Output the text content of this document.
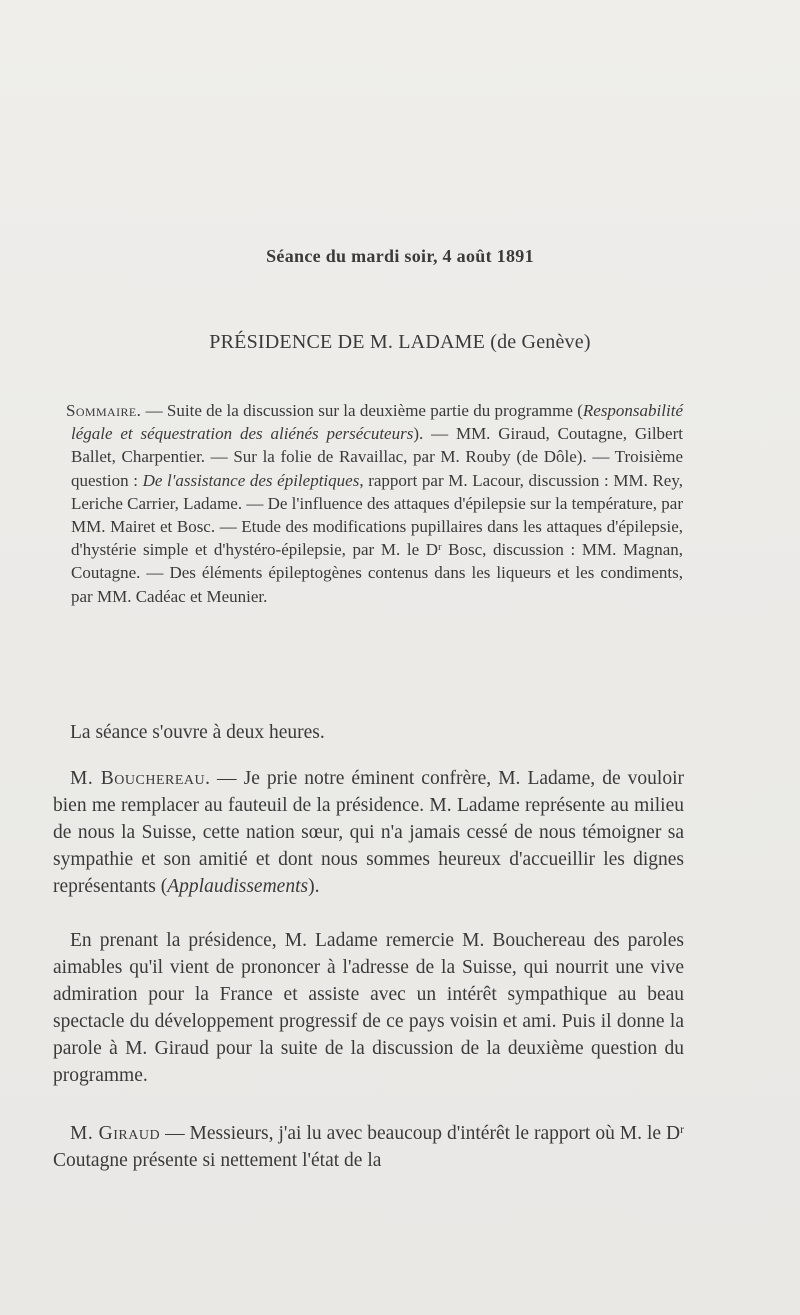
Séance du mardi soir, 4 août 1891
PRÉSIDENCE DE M. LADAME (de Genève)
Sommaire. — Suite de la discussion sur la deuxième partie du programme (Responsabilité légale et séquestration des aliénés persécuteurs). — MM. Giraud, Coutagne, Gilbert Ballet, Charpentier. — Sur la folie de Ravaillac, par M. Rouby (de Dôle). — Troisième question : De l'assistance des épileptiques, rapport par M. Lacour, discussion : MM. Rey, Leriche Carrier, Ladame. — De l'influence des attaques d'épilepsie sur la température, par MM. Mairet et Bosc. — Etude des modifications pupillaires dans les attaques d'épilepsie, d'hystérie simple et d'hystéro-épilepsie, par M. le $D^r$ Bosc, discussion : MM. Magnan, Coutagne. — Des éléments épileptogènes contenus dans les liqueurs et les condiments, par MM. Cadéac et Meunier.
La séance s'ouvre à deux heures.
M. Bouchereau. — Je prie notre éminent confrère, M. Ladame, de vouloir bien me remplacer au fauteuil de la présidence. M. Ladame représente au milieu de nous la Suisse, cette nation sœur, qui n'a jamais cessé de nous témoigner sa sympathie et son amitié et dont nous sommes heureux d'accueillir les dignes représentants (Applaudissements).
En prenant la présidence, M. Ladame remercie M. Bouchereau des paroles aimables qu'il vient de prononcer à l'adresse de la Suisse, qui nourrit une vive admiration pour la France et assiste avec un intérêt sympathique au beau spectacle du développement progressif de ce pays voisin et ami. Puis il donne la parole à M. Giraud pour la suite de la discussion de la deuxième question du programme.
M. Giraud — Messieurs, j'ai lu avec beaucoup d'intérêt le rapport où M. le $D^r$ Coutagne présente si nettement l'état de la
